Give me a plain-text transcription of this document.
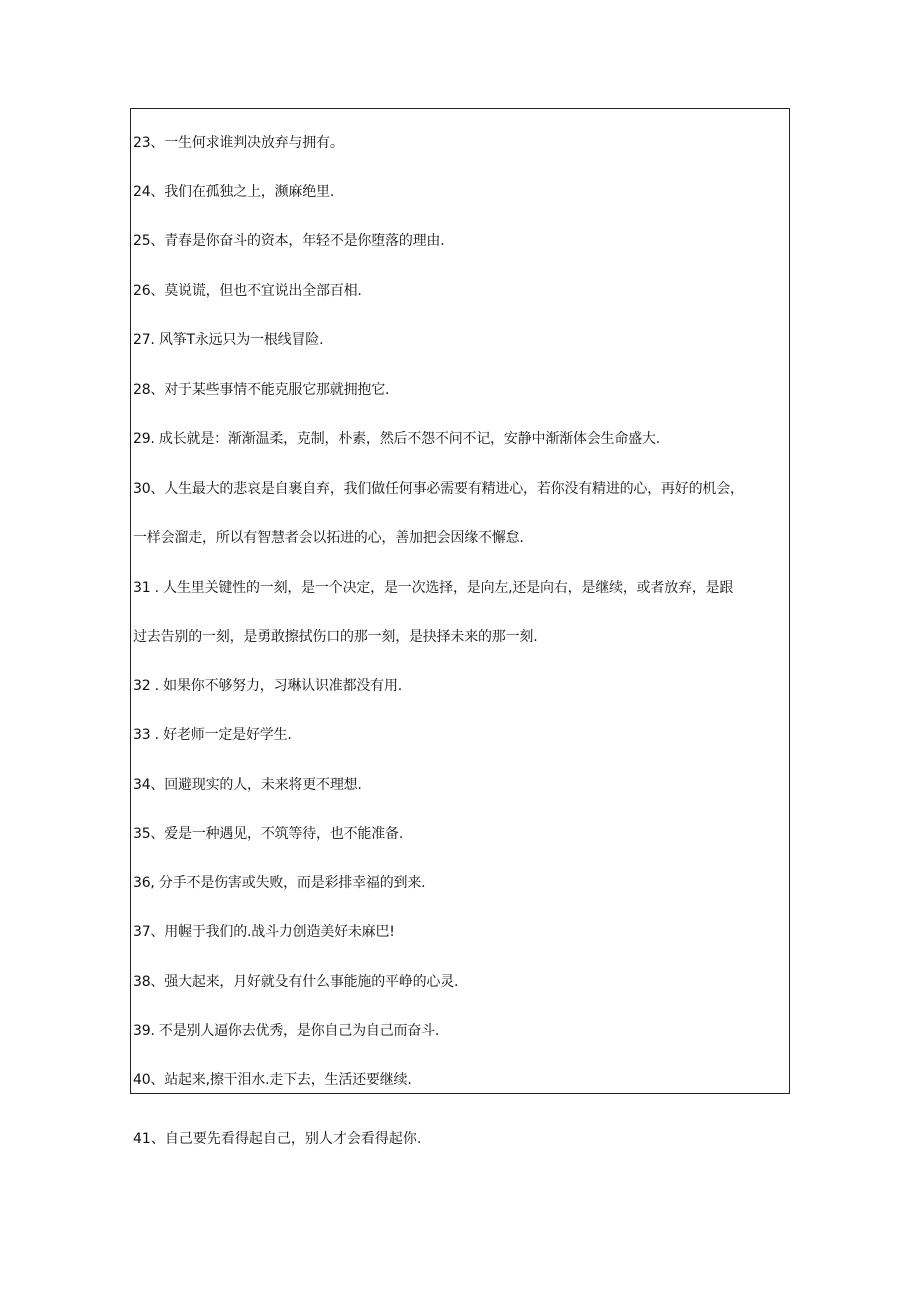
23、一生何求谁判决放弃与拥有。
24、我们在孤独之上，濒麻绝里.
25、青春是你奋斗的资本，年轻不是你堕落的理由.
26、莫说谎，但也不宜说出全部百相.
27. 风筝T永远只为一根线冒险.
28、对于某些事情不能克服它那就拥抱它.
29. 成长就是：渐渐温柔，克制，朴素，然后不怨不问不记，安静中渐渐体会生命盛大.
30、人生最大的悲哀是自裹自弃，我们做任何事必需要有精进心，若你没有精进的心，再好的机会，
一样会溜走，所以有智慧者会以拓进的心，善加把会因缘不懈怠.
31 . 人生里关键性的一刻，是一个决定，是一次选择，是向左,还是向右，是继续，或者放弃，是跟
过去告别的一刻，是勇敢擦拭伤口的那一刻，是抉择未来的那一刻.
32 . 如果你不够努力，习琳认识准都没有用.
33 . 好老师一定是好学生.
34、回避现实的人，未来将更不理想.
35、爱是一种遇见，不筑等待，也不能准备.
36, 分手不是伤害或失败，而是彩排幸福的到来.
37、用幄于我们的.战斗力创造美好未麻巴!
38、强大起来，月好就殳有什么事能施的平峥的心灵.
39. 不是别人逼你去优秀，是你自己为自己而奋斗.
40、站起来,擦干泪水.走下去，生活还要继续.
41、自己要先看得起自己，别人才会看得起你.
